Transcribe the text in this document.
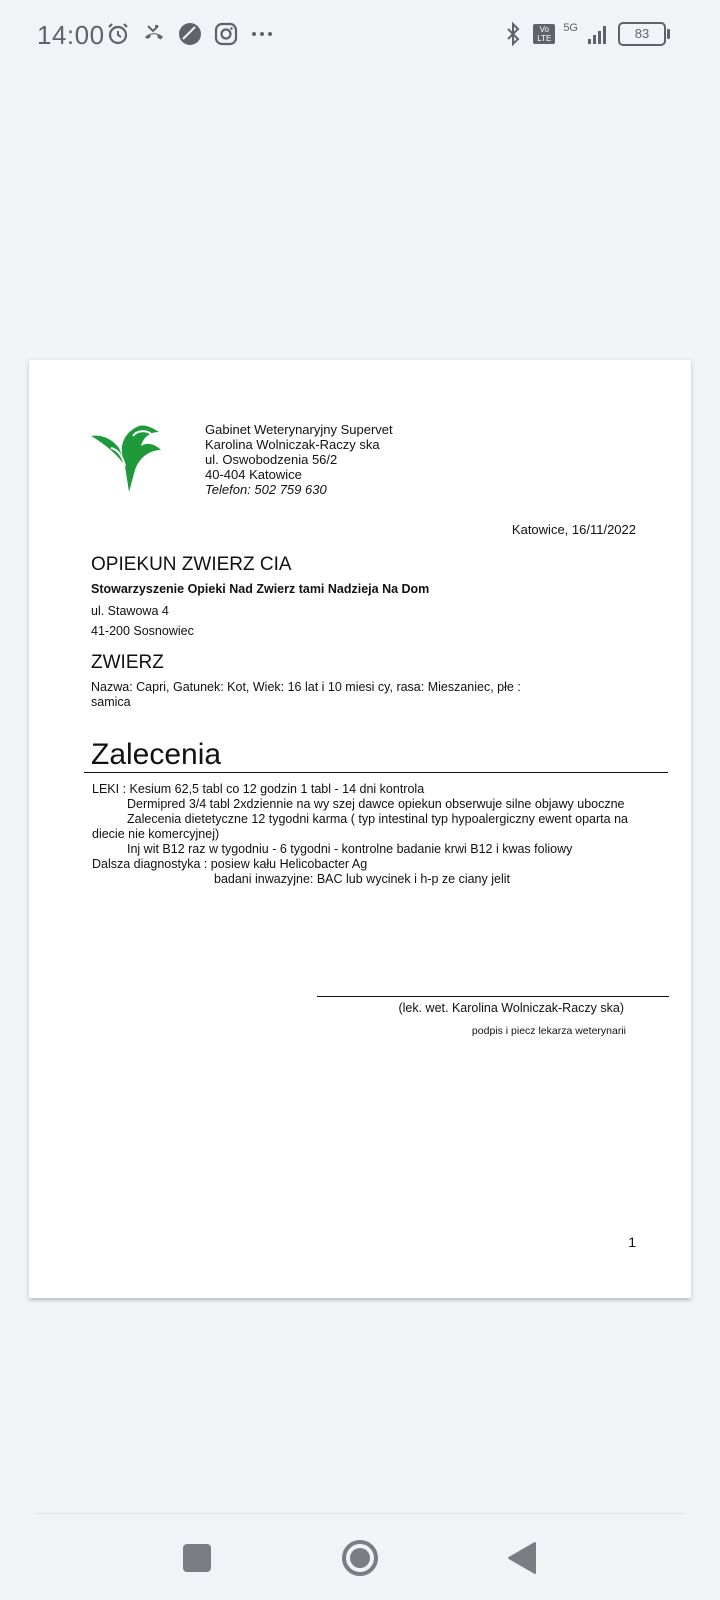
14:00	Vo LTE
5G	83
Gabinet Weterynaryjny Supervet
Karolina Wolniczak-Raczy ska
ul. Oswobodzenia 56/2
40-404 Katowice
Telefon: 502 759 630
Katowice, 16/11/2022
OPIEKUN ZWIERZ CIA
Stowarzyszenie Opieki Nad Zwierz tami Nadzieja Na Dom
ul. Stawowa 4
41-200 Sosnowiec
ZWIERZ
Nazwa: Capri, Gatunek: Kot, Wiek: 16 lat i 10 miesi cy, rasa: Mieszaniec, płe : samica
Zalecenia
LEKI : Kesium 62,5 tabl co 12 godzin 1 tabl - 14 dni kontrola
Dermipred 3/4 tabl 2xdziennie na wy szej dawce opiekun obserwuje silne objawy uboczne
Zalecenia dietetyczne 12 tygodni karma ( typ intestinal typ hypoalergiczny ewent oparta na diecie nie komercyjnej)
Inj wit B12 raz w tygodniu - 6 tygodni - kontrolne badanie krwi B12 i kwas foliowy
Dalsza diagnostyka : posiew kału Helicobacter Ag
badani inwazyjne: BAC lub wycinek i h-p ze ciany jelit
(lek. wet. Karolina Wolniczak-Raczy ska)
podpis i piecz lekarza weterynarii
1
